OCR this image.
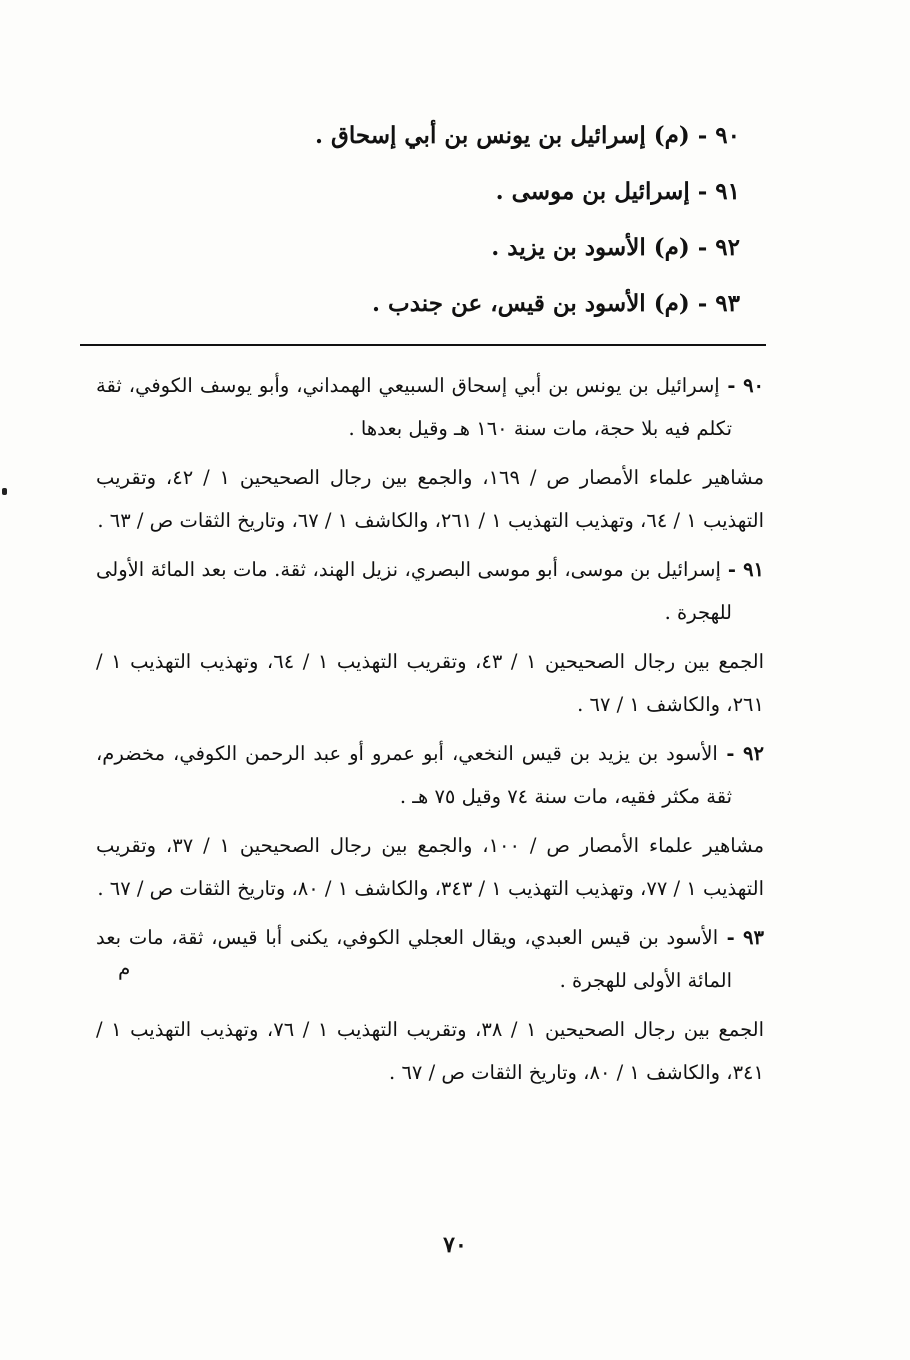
٩٠ - (م) إسرائيل بن يونس بن أبي إسحاق .
٩١ - إسرائيل بن موسى .
٩٢ - (م) الأسود بن يزيد .
٩٣ - (م) الأسود بن قيس، عن جندب .
٩٠ - إسرائيل بن يونس بن أبي إسحاق السبيعي الهمداني، وأبو يوسف الكوفي، ثقة تكلم فيه بلا حجة، مات سنة ١٦٠ هـ وقيل بعدها .
مشاهير علماء الأمصار ص / ١٦٩، والجمع بين رجال الصحيحين ١ / ٤٢، وتقريب التهذيب ١ / ٦٤، وتهذيب التهذيب ١ / ٢٦١، والكاشف ١ / ٦٧، وتاريخ الثقات ص / ٦٣ .
٩١ - إسرائيل بن موسى، أبو موسى البصري، نزيل الهند، ثقة. مات بعد المائة الأولى للهجرة .
الجمع بين رجال الصحيحين ١ / ٤٣، وتقريب التهذيب ١ / ٦٤، وتهذيب التهذيب ١ / ٢٦١، والكاشف ١ / ٦٧ .
٩٢ - الأسود بن يزيد بن قيس النخعي، أبو عمرو أو عبد الرحمن الكوفي، مخضرم، ثقة مكثر فقيه، مات سنة ٧٤ وقيل ٧٥ هـ .
مشاهير علماء الأمصار ص / ١٠٠، والجمع بين رجال الصحيحين ١ / ٣٧، وتقريب التهذيب ١ / ٧٧، وتهذيب التهذيب ١ / ٣٤٣، والكاشف ١ / ٨٠، وتاريخ الثقات ص / ٦٧ .
٩٣ - الأسود بن قيس العبدي، ويقال العجلي الكوفي، يكنى أبا قيس، ثقة، مات بعد المائة الأولى للهجرة .
الجمع بين رجال الصحيحين ١ / ٣٨، وتقريب التهذيب ١ / ٧٦، وتهذيب التهذيب ١ / ٣٤١، والكاشف ١ / ٨٠، وتاريخ الثقات ص / ٦٧ .
م
٧٠
